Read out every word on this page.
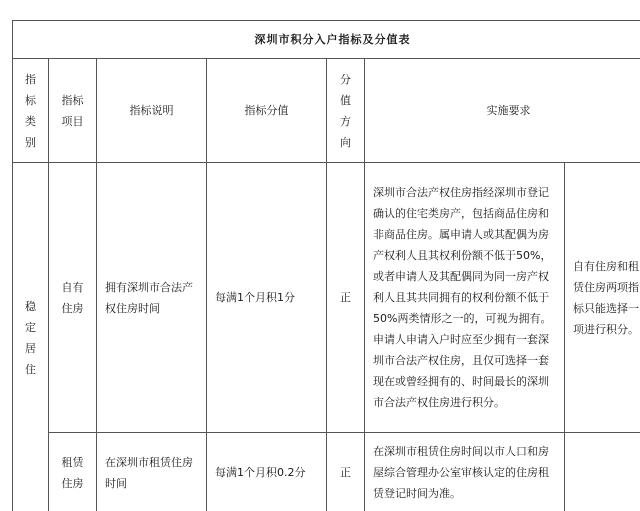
深圳市积分入户指标及分值表						
指标类别	指标项目	指标说明	指标分值	分值方向	实施要求	
稳定居住	自有住房	拥有深圳市合法产权住房时间	每满1个月积1分	正	深圳市合法产权住房指经深圳市登记确认的住宅类房产，包括商品住房和非商品住房。属申请人或其配偶为房产权利人且其权利份额不低于50%，或者申请人及其配偶同为同一房产权利人且其共同拥有的权利份额不低于50%两类情形之一的，可视为拥有。申请人申请入户时应至少拥有一套深圳市合法产权住房，且仅可选择一套现在或曾经拥有的、时间最长的深圳市合法产权住房进行积分。	自有住房和租赁住房两项指标只能选择一项进行积分。
	租赁住房	在深圳市租赁住房时间	每满1个月积0.2分	正	在深圳市租赁住房时间以市人口和房屋综合管理办公室审核认定的住房租赁登记时间为准。	
